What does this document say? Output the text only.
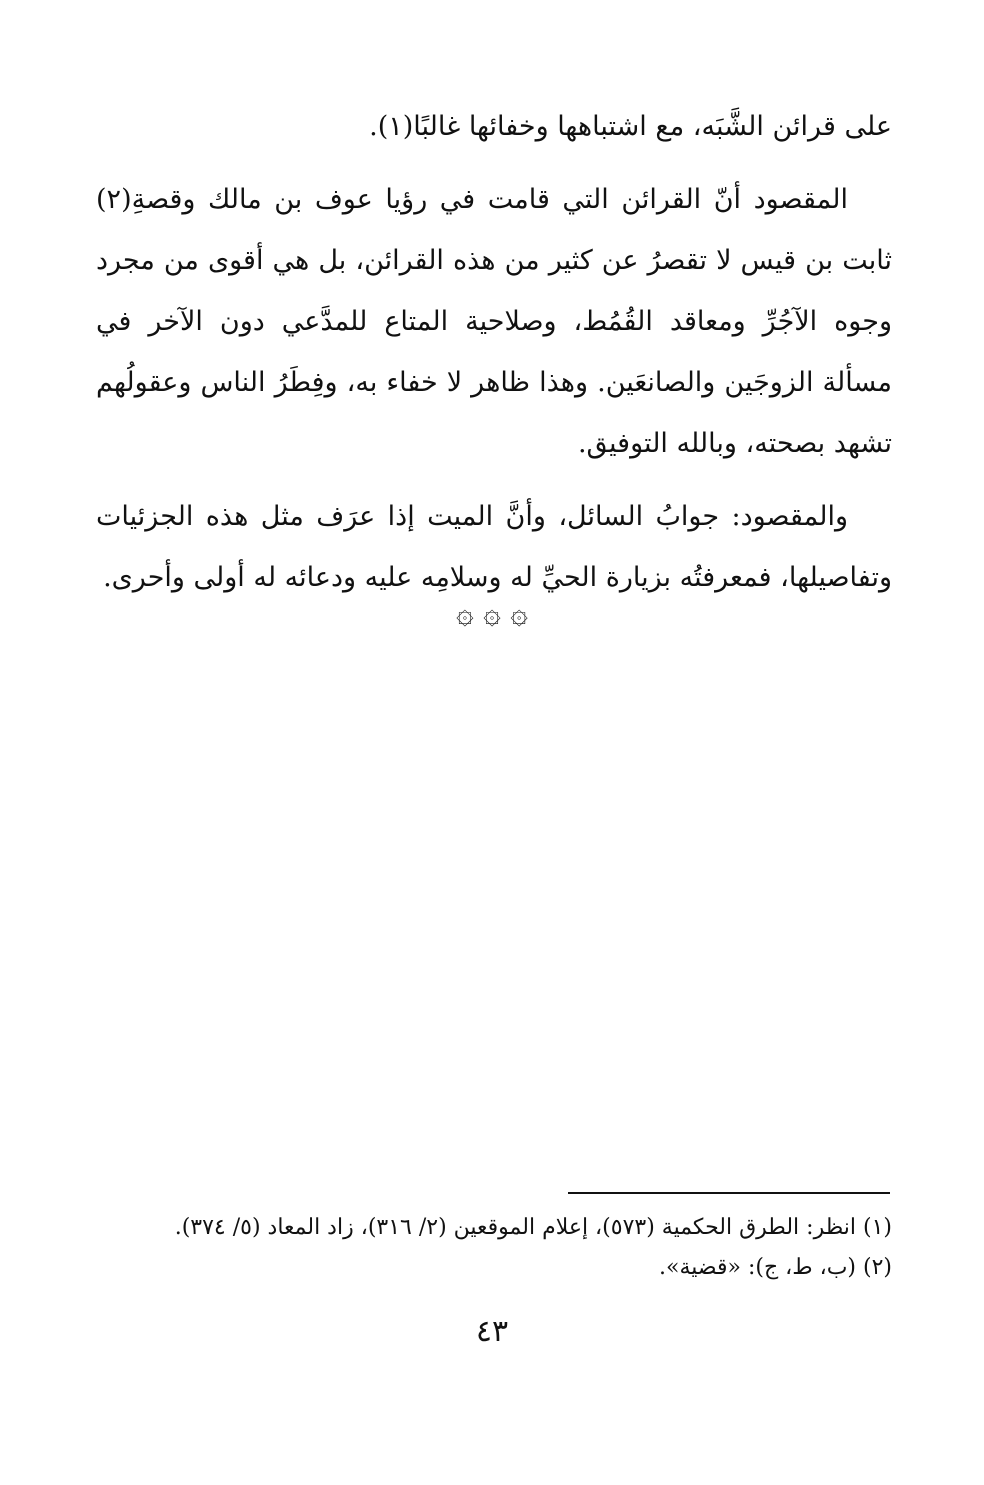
على قرائن الشَّبَه، مع اشتباهها وخفائها غالبًا(١).

المقصود أنّ القرائن التي قامت في رؤيا عوف بن مالك وقصةِ(٢) ثابت بن قيس لا تقصرُ عن كثير من هذه القرائن، بل هي أقوى من مجرد وجوه الآجُرِّ ومعاقد القُمُط، وصلاحية المتاع للمدَّعي دون الآخر في مسألة الزوجَين والصانعَين. وهذا ظاهر لا خفاء به، وفِطَرُ الناس وعقولُهم تشهد بصحته، وبالله التوفيق.

والمقصود: جوابُ السائل، وأنَّ الميت إذا عرَف مثل هذه الجزئيات وتفاصيلها، فمعرفتُه بزيارة الحيِّ له وسلامِه عليه ودعائه له أولى وأحرى.

۞ ۞ ۞

(١) انظر: الطرق الحكمية (٥٧٣)، إعلام الموقعين (٢/ ٣١٦)، زاد المعاد (٥/ ٣٧٤).

(٢) (ب، ط، ج): «قضية».

٤٣
